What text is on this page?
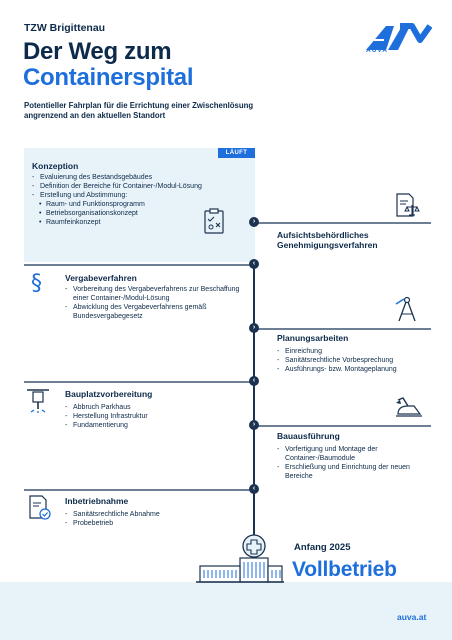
TZW Brigittenau
Der Weg zum
Containerspital
Potentieller Fahrplan für die Errichtung einer Zwischenlösung angrenzend an den aktuellen Standort
AUVA
LÄUFT
Konzeption
- Evaluierung des Bestandsgebäudes
- Definition der Bereiche für Container-/Modul-Lösung
- Erstellung und Abstimmung:
• Raum- und Funktionsprogramm
• Betriebsorganisationskonzept
• Raumfeinkonzept	›
Aufsichtsbehördliches Genehmigungsverfahren
‹
§	Vergabeverfahren
- Vorbereitung des Vergabeverfahrens zur Beschaffung einer Container-/Modul-Lösung
- Abwicklung des Vergabeverfahrens gemäß Bundesvergabegesetz
›
Planungsarbeiten
- Einreichung
- Sanitätsrechtliche Vorbesprechung
- Ausführungs- bzw. Montageplanung
‹
Bauplatzvorbereitung
- Abbruch Parkhaus
- Herstellung Infrastruktur
- Fundamentierung	›
Bauausführung
- Vorfertigung und Montage der Container-/Baumodule
- Erschließung und Einrichtung der neuen Bereiche
‹
Inbetriebnahme
- Sanitätsrechtliche Abnahme
- Probebetrieb
Anfang 2025
Vollbetrieb
auva.at
